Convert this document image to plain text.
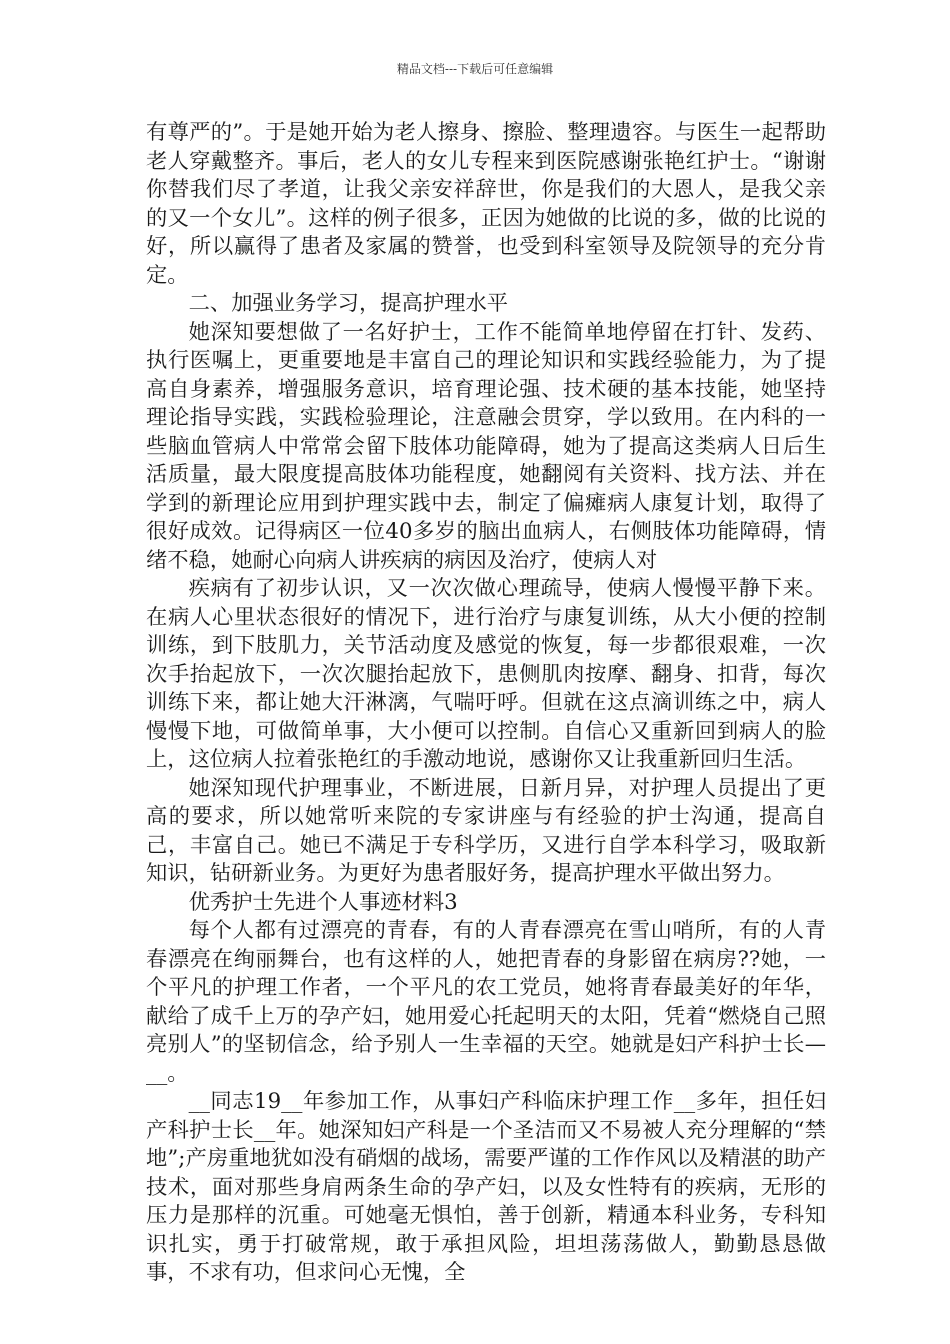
精品文档---下载后可任意编辑

有尊严的”。于是她开始为老人擦身、擦脸、整理遗容。与医生一起帮助老人穿戴整齐。事后，老人的女儿专程来到医院感谢张艳红护士。“谢谢你替我们尽了孝道，让我父亲安祥辞世，你是我们的大恩人，是我父亲的又一个女儿”。这样的例子很多，正因为她做的比说的多，做的比说的好，所以赢得了患者及家属的赞誉，也受到科室领导及院领导的充分肯定。

二、加强业务学习，提高护理水平

她深知要想做了一名好护士，工作不能简单地停留在打针、发药、执行医嘱上，更重要地是丰富自己的理论知识和实践经验能力，为了提高自身素养，增强服务意识，培育理论强、技术硬的基本技能，她坚持理论指导实践，实践检验理论，注意融会贯穿，学以致用。在内科的一些脑血管病人中常常会留下肢体功能障碍，她为了提高这类病人日后生活质量，最大限度提高肢体功能程度，她翻阅有关资料、找方法、并在学到的新理论应用到护理实践中去，制定了偏瘫病人康复计划，取得了很好成效。记得病区一位40多岁的脑出血病人，右侧肢体功能障碍，情绪不稳，她耐心向病人讲疾病的病因及治疗，使病人对

疾病有了初步认识，又一次次做心理疏导，使病人慢慢平静下来。在病人心里状态很好的情况下，进行治疗与康复训练，从大小便的控制训练，到下肢肌力，关节活动度及感觉的恢复，每一步都很艰难，一次次手抬起放下，一次次腿抬起放下，患侧肌肉按摩、翻身、扣背，每次训练下来，都让她大汗淋漓，气喘吁呼。但就在这点滴训练之中，病人慢慢下地，可做简单事，大小便可以控制。自信心又重新回到病人的脸上，这位病人拉着张艳红的手激动地说，感谢你又让我重新回归生活。

她深知现代护理事业，不断进展，日新月异，对护理人员提出了更高的要求，所以她常听来院的专家讲座与有经验的护士沟通，提高自己，丰富自己。她已不满足于专科学历，又进行自学本科学习，吸取新知识，钻研新业务。为更好为患者服好务，提高护理水平做出努力。

优秀护士先进个人事迹材料3

每个人都有过漂亮的青春，有的人青春漂亮在雪山哨所，有的人青春漂亮在绚丽舞台，也有这样的人，她把青春的身影留在病房??她，一个平凡的护理工作者，一个平凡的农工党员，她将青春最美好的年华，献给了成千上万的孕产妇，她用爱心托起明天的太阳，凭着“燃烧自己照亮别人”的坚韧信念，给予别人一生幸福的天空。她就是妇产科护士长—__。

__同志19__年参加工作，从事妇产科临床护理工作__多年，担任妇产科护士长__年。她深知妇产科是一个圣洁而又不易被人充分理解的“禁地”;产房重地犹如没有硝烟的战场，需要严谨的工作作风以及精湛的助产技术，面对那些身肩两条生命的孕产妇，以及女性特有的疾病，无形的压力是那样的沉重。可她毫无惧怕，善于创新，精通本科业务，专科知识扎实，勇于打破常规，敢于承担风险，坦坦荡荡做人，勤勤恳恳做事，不求有功，但求问心无愧，全
